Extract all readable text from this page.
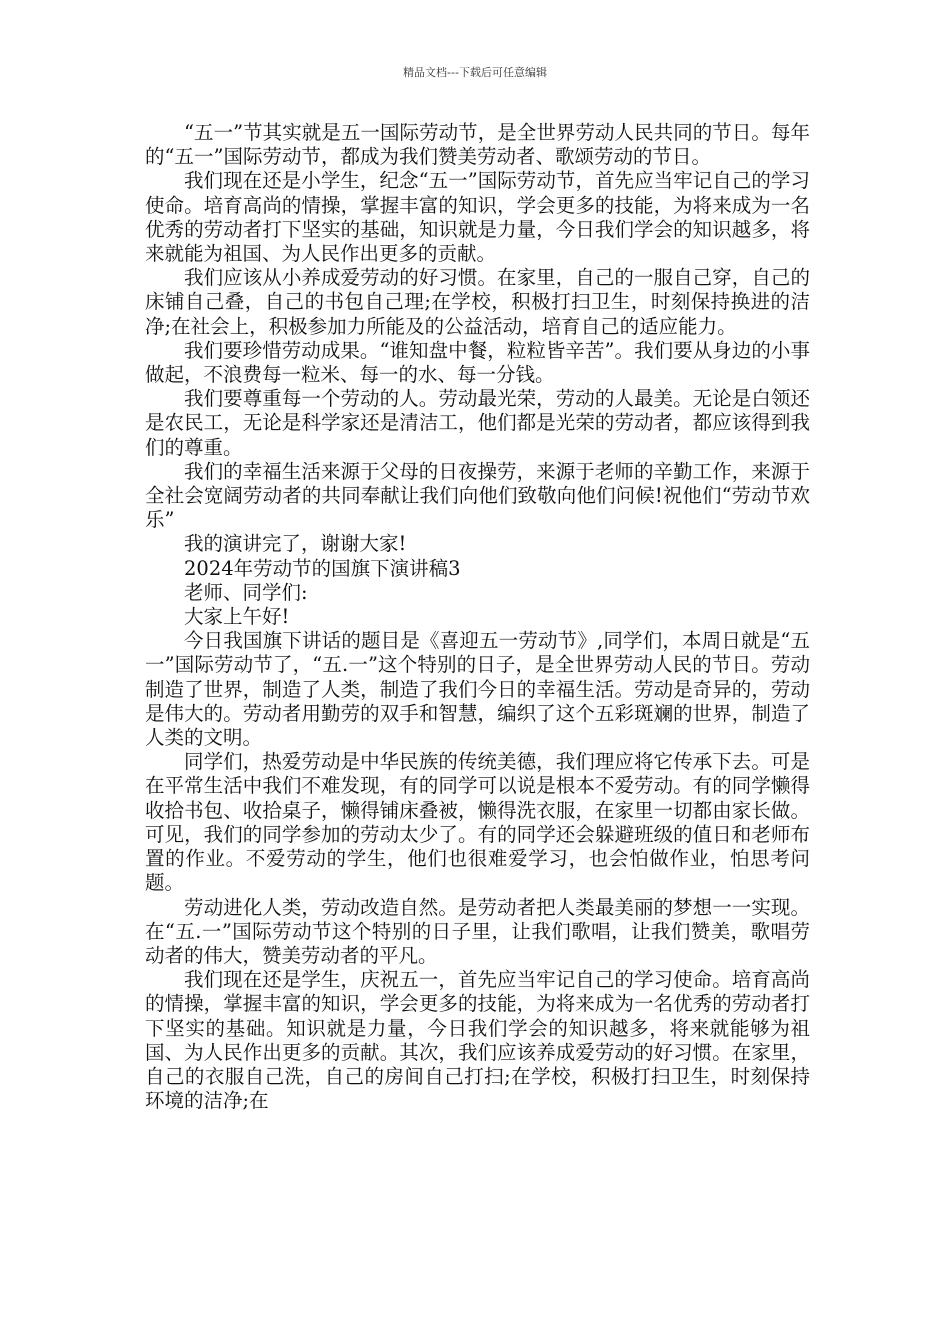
精品文档---下载后可任意编辑

“五一”节其实就是五一国际劳动节，是全世界劳动人民共同的节日。每年的“五一”国际劳动节，都成为我们赞美劳动者、歌颂劳动的节日。

我们现在还是小学生，纪念“五一”国际劳动节，首先应当牢记自己的学习使命。培育高尚的情操，掌握丰富的知识，学会更多的技能，为将来成为一名优秀的劳动者打下坚实的基础，知识就是力量，今日我们学会的知识越多，将来就能为祖国、为人民作出更多的贡献。

我们应该从小养成爱劳动的好习惯。在家里，自己的一服自己穿，自己的床铺自己叠，自己的书包自己理;在学校，积极打扫卫生，时刻保持换进的洁净;在社会上，积极参加力所能及的公益活动，培育自己的适应能力。

我们要珍惜劳动成果。“谁知盘中餐，粒粒皆辛苦”。我们要从身边的小事做起，不浪费每一粒米、每一的水、每一分钱。

我们要尊重每一个劳动的人。劳动最光荣，劳动的人最美。无论是白领还是农民工，无论是科学家还是清洁工，他们都是光荣的劳动者，都应该得到我们的尊重。

我们的幸福生活来源于父母的日夜操劳，来源于老师的辛勤工作，来源于全社会宽阔劳动者的共同奉献让我们向他们致敬向他们问候!祝他们“劳动节欢乐”

我的演讲完了，谢谢大家!

2024年劳动节的国旗下演讲稿3

老师、同学们:

大家上午好!

今日我国旗下讲话的题目是《喜迎五一劳动节》,同学们，本周日就是“五一”国际劳动节了，“五.一”这个特别的日子，是全世界劳动人民的节日。劳动制造了世界，制造了人类，制造了我们今日的幸福生活。劳动是奇异的，劳动是伟大的。劳动者用勤劳的双手和智慧，编织了这个五彩斑斓的世界，制造了人类的文明。

同学们，热爱劳动是中华民族的传统美德，我们理应将它传承下去。可是在平常生活中我们不难发现，有的同学可以说是根本不爱劳动。有的同学懒得收拾书包、收拾桌子，懒得铺床叠被，懒得洗衣服，在家里一切都由家长做。可见，我们的同学参加的劳动太少了。有的同学还会躲避班级的值日和老师布置的作业。不爱劳动的学生，他们也很难爱学习，也会怕做作业，怕思考问题。

劳动进化人类，劳动改造自然。是劳动者把人类最美丽的梦想一一实现。在“五.一”国际劳动节这个特别的日子里，让我们歌唱，让我们赞美，歌唱劳动者的伟大，赞美劳动者的平凡。

我们现在还是学生，庆祝五一，首先应当牢记自己的学习使命。培育高尚的情操，掌握丰富的知识，学会更多的技能，为将来成为一名优秀的劳动者打下坚实的基础。知识就是力量，今日我们学会的知识越多，将来就能够为祖国、为人民作出更多的贡献。其次，我们应该养成爱劳动的好习惯。在家里，自己的衣服自己洗，自己的房间自己打扫;在学校，积极打扫卫生，时刻保持环境的洁净;在
